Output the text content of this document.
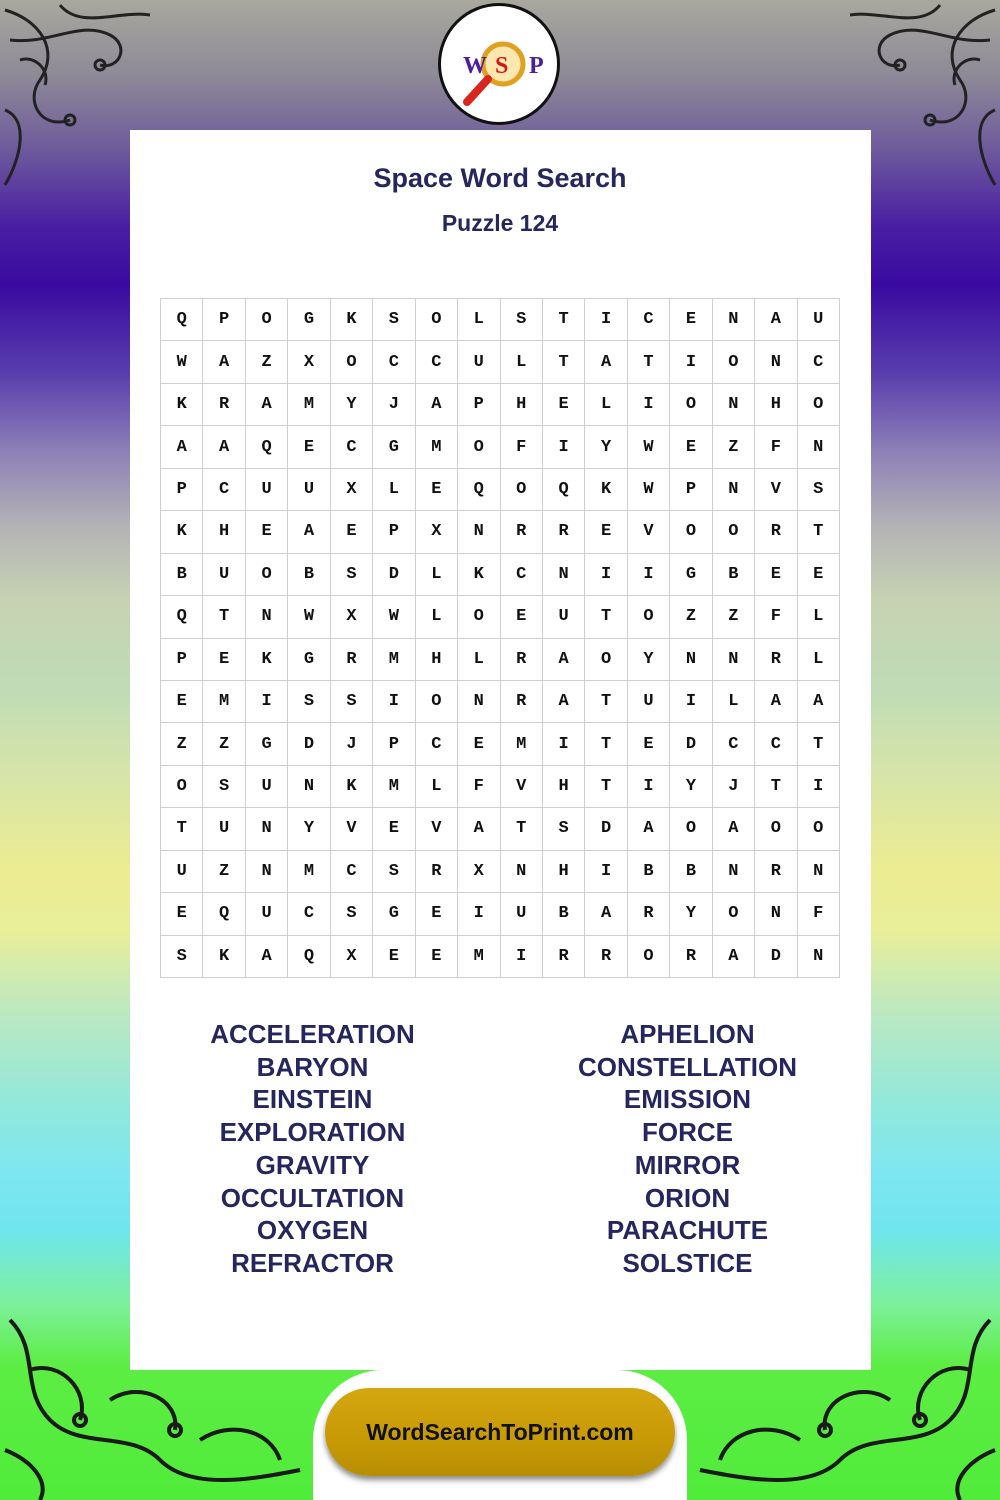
W S P
Space Word Search
Puzzle 124
Q	P	O	G	K	S	O	L	S	T	I	C	E	N	A	U
W	A	Z	X	O	C	C	U	L	T	A	T	I	O	N	C
K	R	A	M	Y	J	A	P	H	E	L	I	O	N	H	O
A	A	Q	E	C	G	M	O	F	I	Y	W	E	Z	F	N
P	C	U	U	X	L	E	Q	O	Q	K	W	P	N	V	S
K	H	E	A	E	P	X	N	R	R	E	V	O	O	R	T
B	U	O	B	S	D	L	K	C	N	I	I	G	B	E	E
Q	T	N	W	X	W	L	O	E	U	T	O	Z	Z	F	L
P	E	K	G	R	M	H	L	R	A	O	Y	N	N	R	L
E	M	I	S	S	I	O	N	R	A	T	U	I	L	A	A
Z	Z	G	D	J	P	C	E	M	I	T	E	D	C	C	T
O	S	U	N	K	M	L	F	V	H	T	I	Y	J	T	I
T	U	N	Y	V	E	V	A	T	S	D	A	O	A	O	O
U	Z	N	M	C	S	R	X	N	H	I	B	B	N	R	N
E	Q	U	C	S	G	E	I	U	B	A	R	Y	O	N	F
S	K	A	Q	X	E	E	M	I	R	R	O	R	A	D	N
ACCELERATION
BARYON
EINSTEIN
EXPLORATION
GRAVITY
OCCULTATION
OXYGEN
REFRACTOR
APHELION
CONSTELLATION
EMISSION
FORCE
MIRROR
ORION
PARACHUTE
SOLSTICE
WordSearchToPrint.com
